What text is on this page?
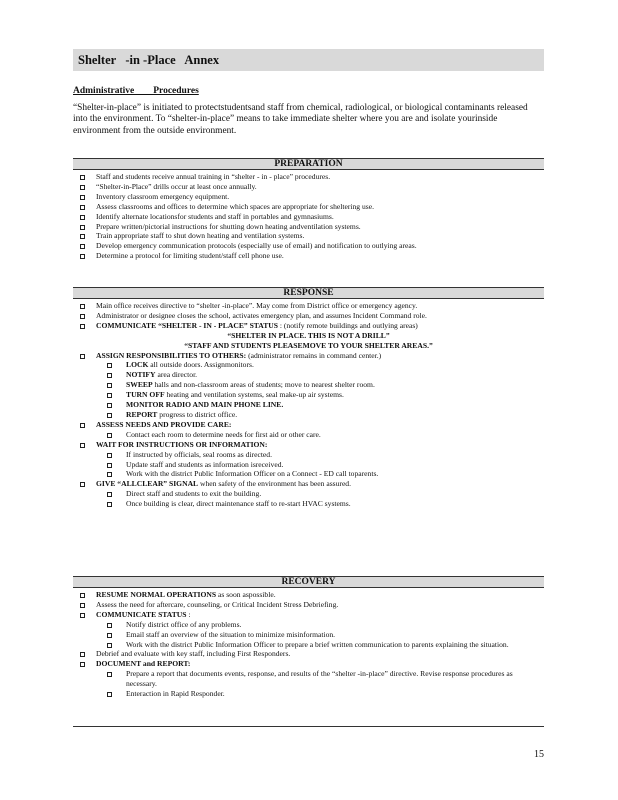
Shelter   -in -Place   Annex
Administrative        Procedures
“Shelter-in-place” is initiated to protectstudentsand staff from chemical, radiological, or biological contaminants released into the environment. To “shelter-in-place” means to take immediate shelter where you are and isolate yourinside environment from the outside environment.
PREPARATION
Staff and students receive annual training in “shelter - in - place” procedures.
“Shelter-in-Place” drills occur at least once annually.
Inventory classroom emergency equipment.
Assess classrooms and offices to determine which spaces are appropriate for sheltering use.
Identify alternate locationsfor students and staff in portables and gymnasiums.
Prepare written/pictorial instructions for shutting down heating andventilation systems.
Train appropriate staff to shut down heating and ventilation systems.
Develop emergency communication protocols (especially use of email) and notification to outlying areas.
Determine a protocol for limiting student/staff cell phone use.
RESPONSE
Main office receives directive to “shelter -in-place”. May come from District office or emergency agency.
Administrator or designee closes the school, activates emergency plan, and assumes Incident Command role.
COMMUNICATE “SHELTER - IN - PLACE” STATUS : (notify remote buildings and outlying areas)
“SHELTER IN PLACE. THIS IS NOT A DRILL”
“STAFF AND STUDENTS PLEASEMOVE TO YOUR SHELTER AREAS.”
ASSIGN RESPONSIBILITIES TO OTHERS: (administrator remains in command center.)
LOCK all outside doors. Assignmonitors.
NOTIFY area director.
SWEEP halls and non-classroom areas of students; move to nearest shelter room.
TURN OFF heating and ventilation systems, seal make-up air systems.
MONITOR RADIO AND MAIN PHONE LINE.
REPORT progress to district office.
ASSESS NEEDS AND PROVIDE CARE:
Contact each room to determine needs for first aid or other care.
WAIT FOR INSTRUCTIONS OR INFORMATION:
If instructed by officials, seal rooms as directed.
Update staff and students as information isreceived.
Work with the district Public Information Officer on a Connect - ED call toparents.
GIVE “ALLCLEAR” SIGNAL when safety of the environment has been assured.
Direct staff and students to exit the building.
Once building is clear, direct maintenance staff to re-start HVAC systems.
RECOVERY
RESUME NORMAL OPERATIONS as soon aspossible.
Assess the need for aftercare, counseling, or Critical Incident Stress Debriefing.
COMMUNICATE STATUS :
Notify district office of any problems.
Email staff an overview of the situation to minimize misinformation.
Work with the district Public Information Officer to prepare a brief written communication to parents explaining the situation.
Debrief and evaluate with key staff, including First Responders.
DOCUMENT and REPORT:
Prepare a report that documents events, response, and results of the “shelter -in-place” directive. Revise response procedures as necessary.
Enteraction in Rapid Responder.
15
